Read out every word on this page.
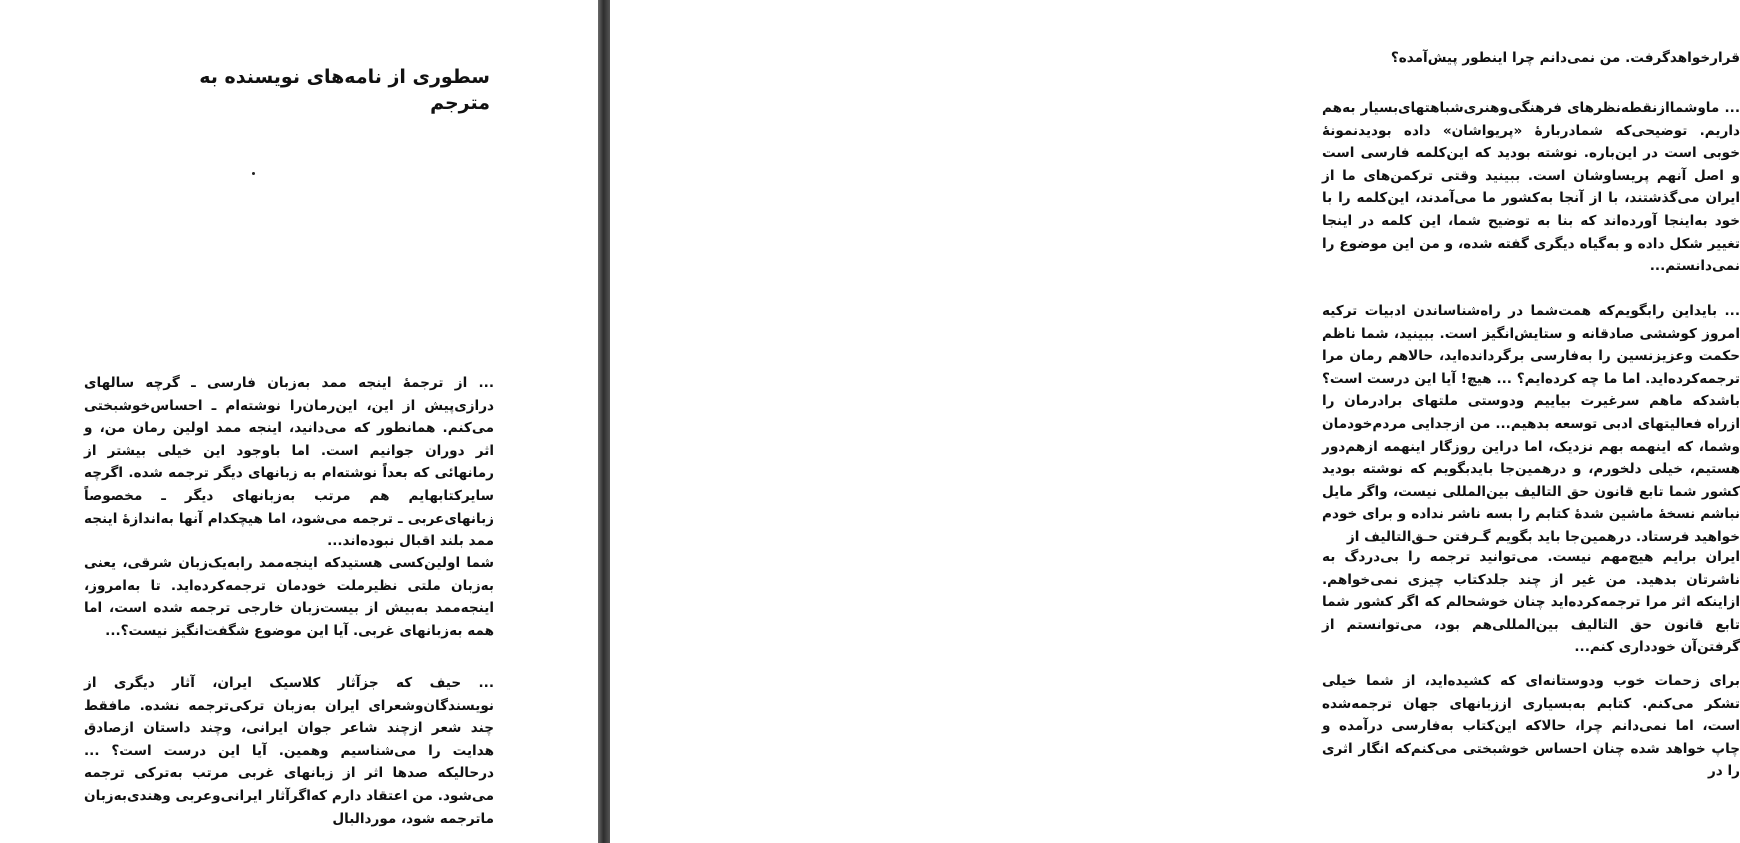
سطوری از نامه‌های نویسنده به مترجم

... از ترجمهٔ اینجه ممد به‌زبان فارسی ـ گرچه سالهای درازی‌پیش از این، این‌رمان‌را نوشته‌ام ـ احساس‌خوشبختی می‌کنم. همانطور که می‌دانید، اینجه ممد اولین رمان من، و اثر دوران جوانیم است. اما باوجود این خیلی بیشتر از رمانهائی که بعداً نوشته‌ام به زبانهای دیگر ترجمه شده. اگرچه سایرکتابهایم هم مرتب به‌زبانهای دیگر ـ مخصوصاً زبانهای‌عربی ـ ترجمه می‌شود، اما هیچکدام آنها به‌اندازهٔ اینجه ممد بلند اقبال نبوده‌اند...

شما اولین‌کسی هستیدکه اینجه‌ممد رابه‌یک‌زبان شرقی، یعنی به‌زبان ملتی نظیرملت خودمان ترجمه‌کرده‌اید. تا به‌امروز، اینجه‌ممد به‌بیش از بیست‌زبان خارجی ترجمه شده است، اما همه به‌زبانهای غربی. آیا این موضوع شگفت‌انگیز نیست؟...

... حیف که جزآثار کلاسیک ایران، آثار دیگری از نویسندگان‌وشعرای ایران به‌زبان ترکی‌ترجمه نشده. مافقط چند شعر ازچند شاعر جوان ایرانی، وچند داستان ازصادق هدایت را می‌شناسیم وهمین. آیا این درست است؟ ... درحالیکه صدها اثر از زبانهای غربی مرتب به‌ترکی ترجمه می‌شود. من اعتقاد دارم که‌اگرآثار ایرانی‌وعربی وهندی‌به‌زبان ماترجمه شود، موردالبال

قرارخواهدگرفت. من نمی‌دانم چرا اینطور پیش‌آمده؟

... ماوشماازنقطه‌نظرهای فرهنگی‌وهنری‌شباهتهای‌بسیار به‌هم داریم. توضیحی‌که شمادربارهٔ «پریواشان» داده بودیدنمونهٔ خوبی است در این‌باره. نوشته بودید که این‌کلمه فارسی است و اصل آنهم پریساوشان است. ببینید وقتی ترکمن‌های ما از ایران می‌گذشتند، با از آنجا به‌کشور ما می‌آمدند، این‌کلمه را با خود به‌اینجا آورده‌اند که بنا به توضیح شما، این کلمه در اینجا تغییر شکل داده و به‌گیاه دیگری گفته شده، و من این موضوع را نمی‌دانستم...

... بایداین رابگویم‌که همت‌شما در راه‌شناساندن ادبیات ترکیه امروز کوششی صادقانه و ستایش‌انگیز است. ببینید، شما ناظم حکمت وعزیزنسین را به‌فارسی برگردانده‌اید، حالاهم رمان مرا ترجمه‌کرده‌اید. اما ما چه کرده‌ایم؟ ... هیچ! آیا این درست است؟ باشدکه ماهم سرغیرت بیاییم ودوستی ملتهای برادرمان را ازراه فعالیتهای ادبی توسعه بدهیم... من ازجدایی مردم‌خودمان وشما، که اینهمه بهم نزدیک، اما دراین روزگار اینهمه ازهم‌دور هستیم، خیلی دلخورم، و درهمین‌جا بایدبگویم که نوشته بودید کشور شما تابع قانون حق التالیف بین‌المللی نیست، واگر مایل نباشم نسخهٔ ماشین شدهٔ کتابم را بسه ناشر نداده و برای خودم خواهید فرستاد. درهمین‌جا باید بگویم گـرفتن حـق‌التالیف از

ایران برایم هیچ‌مهم نیست. می‌توانید ترجمه را بی‌دردگ به ناشرتان بدهید. من غیر از چند جلدکتاب چیزی نمی‌خواهم. ازاینکه اثر مرا ترجمه‌کرده‌اید چنان خوشحالم که اگر کشور شما تابع قانون حق التالیف بین‌المللی‌هم بود، می‌توانستم از گرفتن‌آن خودداری کنم...

برای زحمات خوب ودوستانه‌ای که کشیده‌اید، از شما خیلی تشکر می‌کنم. کتابم به‌بسیاری اززبانهای جهان ترجمه‌شده است، اما نمی‌دانم چرا، حالاکه این‌کتاب به‌فارسی درآمده و چاپ خواهد شده چنان احساس خوشبختی می‌کنم‌که انگار اثری را در
